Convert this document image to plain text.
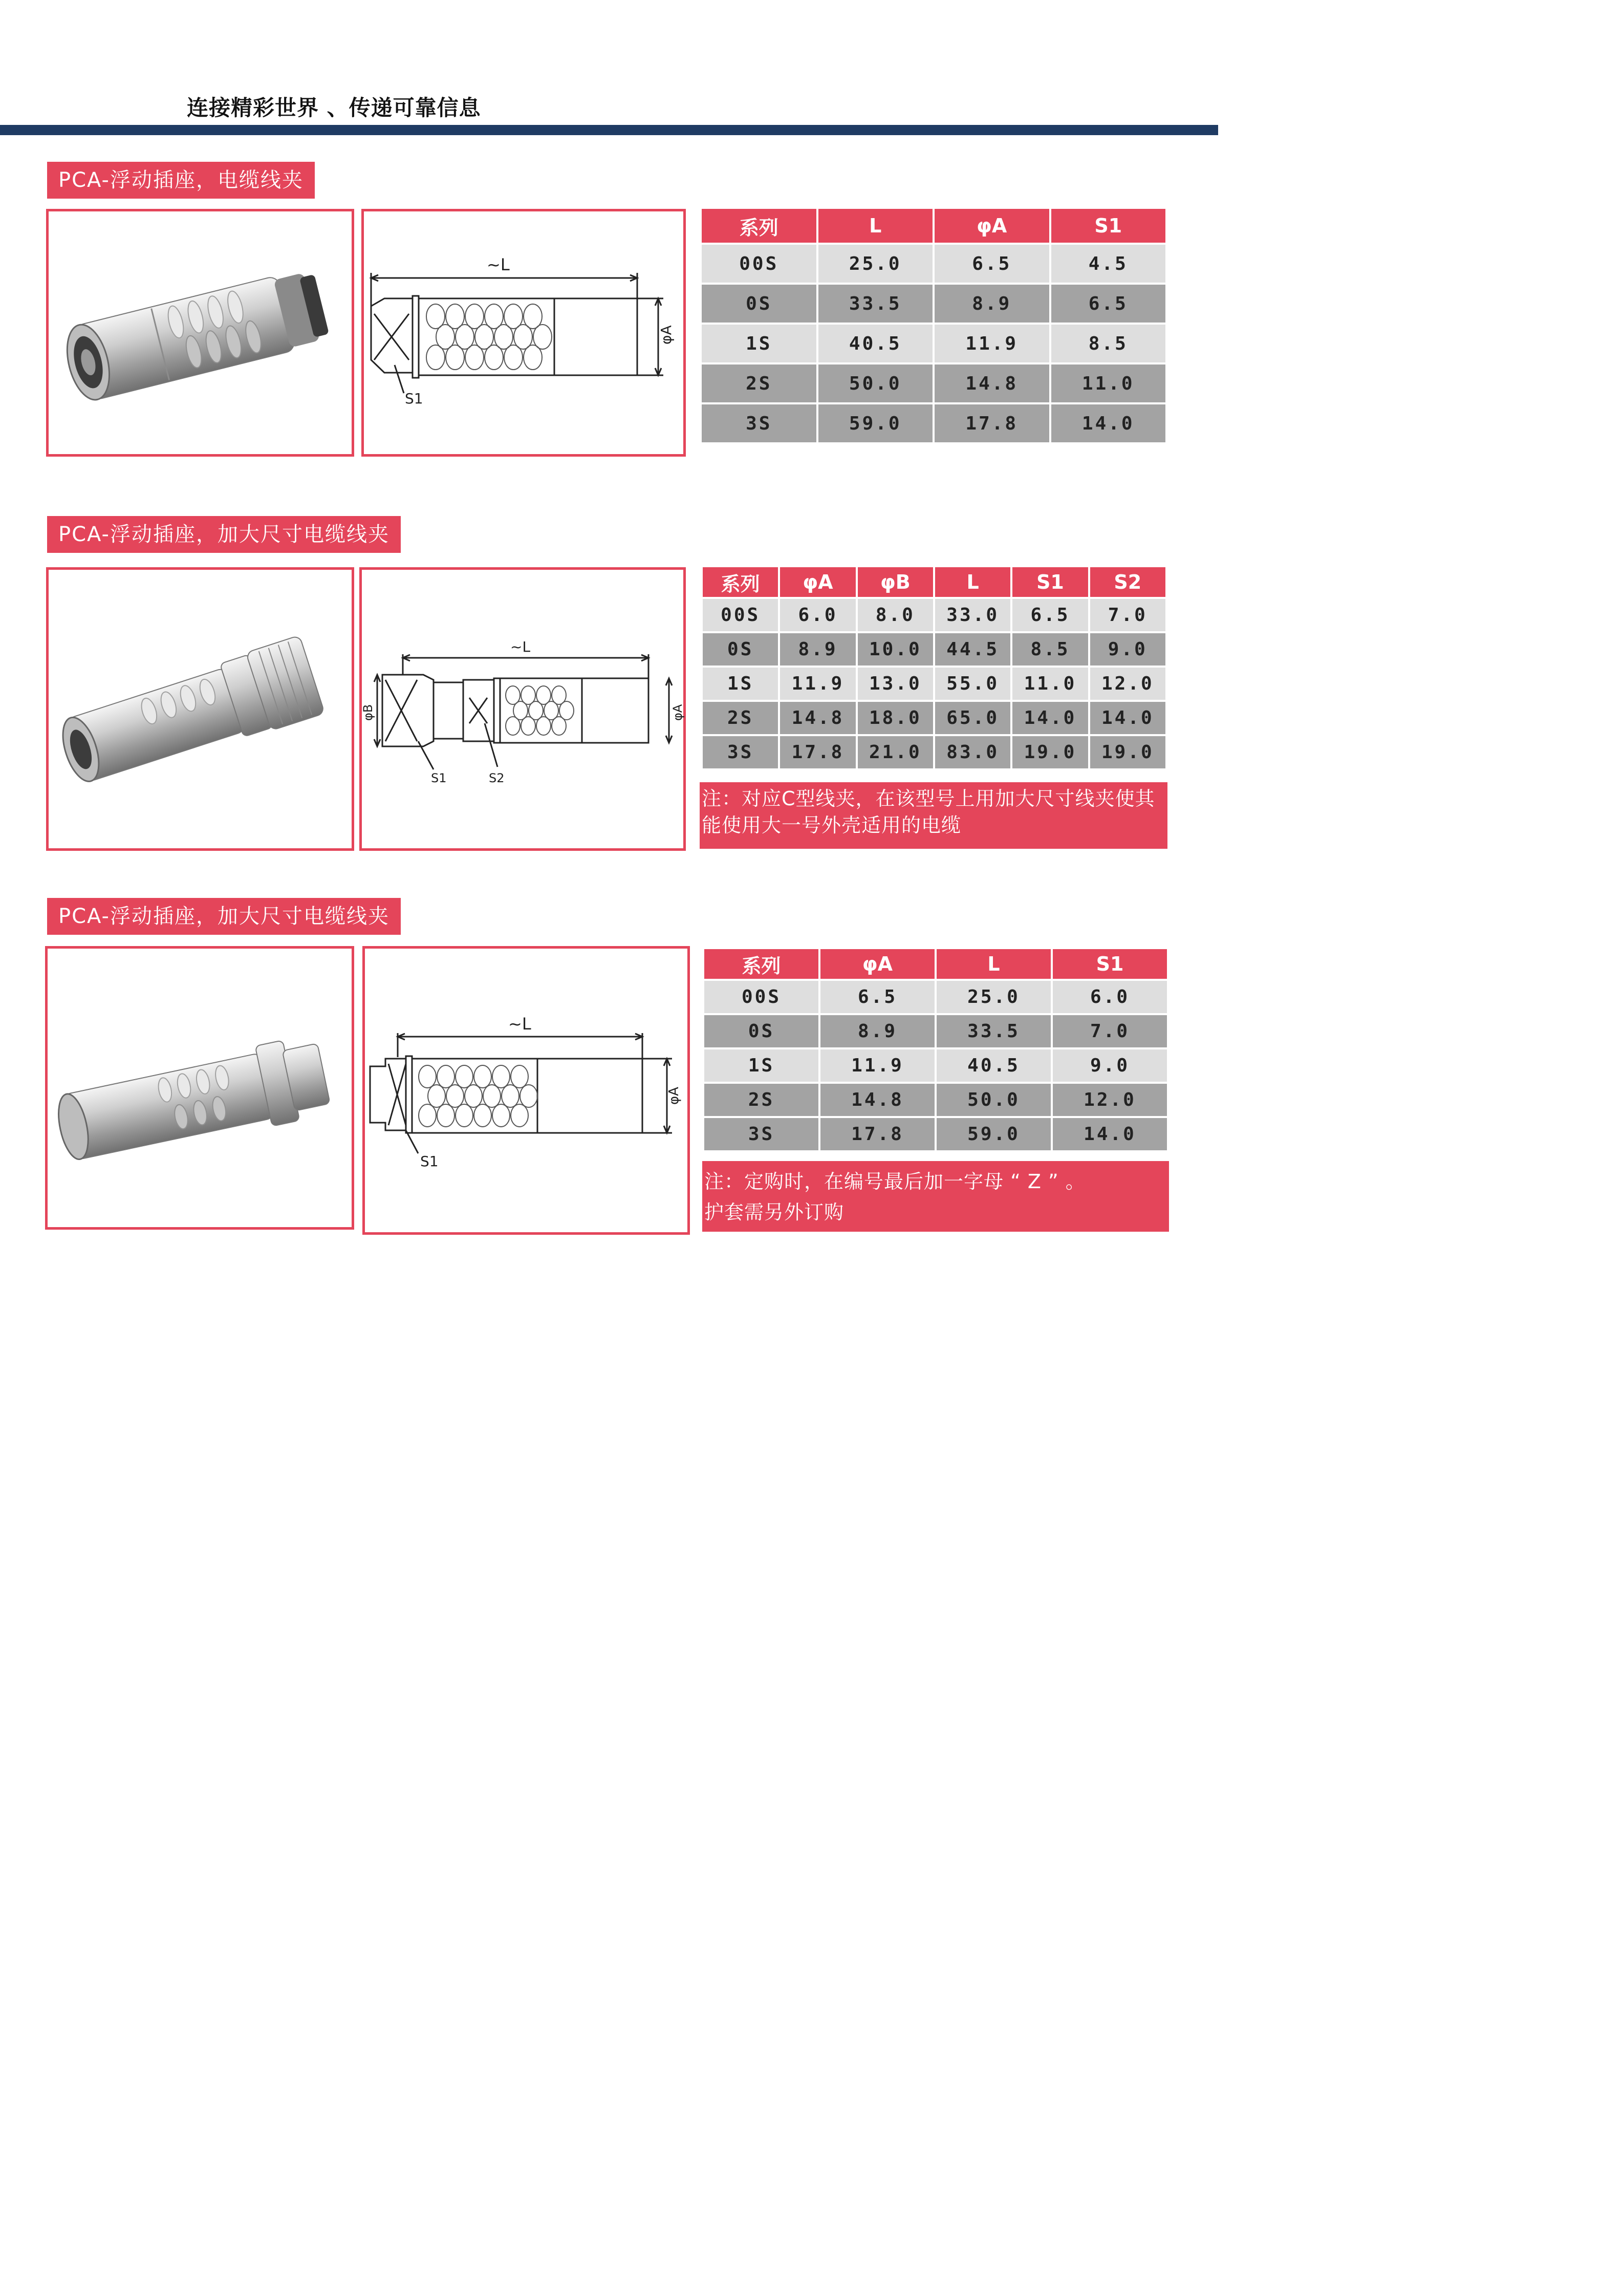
连接精彩世界 、传递可靠信息
PCA-浮动插座，电缆线夹
~L
φA
S1
系列	L	φA	S1
00S	25.0	6.5	4.5
0S	33.5	8.9	6.5
1S	40.5	11.9	8.5
2S	50.0	14.8	11.0
3S	59.0	17.8	14.0
PCA-浮动插座，加大尺寸电缆线夹
~L
φB	φA
S1	S2
系列	φA	φB	L	S1	S2
00S	6.0	8.0	33.0	6.5	7.0
0S	8.9	10.0	44.5	8.5	9.0
1S	11.9	13.0	55.0	11.0	12.0
2S	14.8	18.0	65.0	14.0	14.0
3S	17.8	21.0	83.0	19.0	19.0
注：对应C型线夹，在该型号上用加大尺寸线夹使其能使用大一号外壳适用的电缆
PCA-浮动插座，加大尺寸电缆线夹
~L
φA
S1
系列	φA	L	S1
00S	6.5	25.0	6.0
0S	8.9	33.5	7.0
1S	11.9	40.5	9.0
2S	14.8	50.0	12.0
3S	17.8	59.0	14.0
注：定购时，在编号最后加一字母 “ Z ” 。
护套需另外订购
